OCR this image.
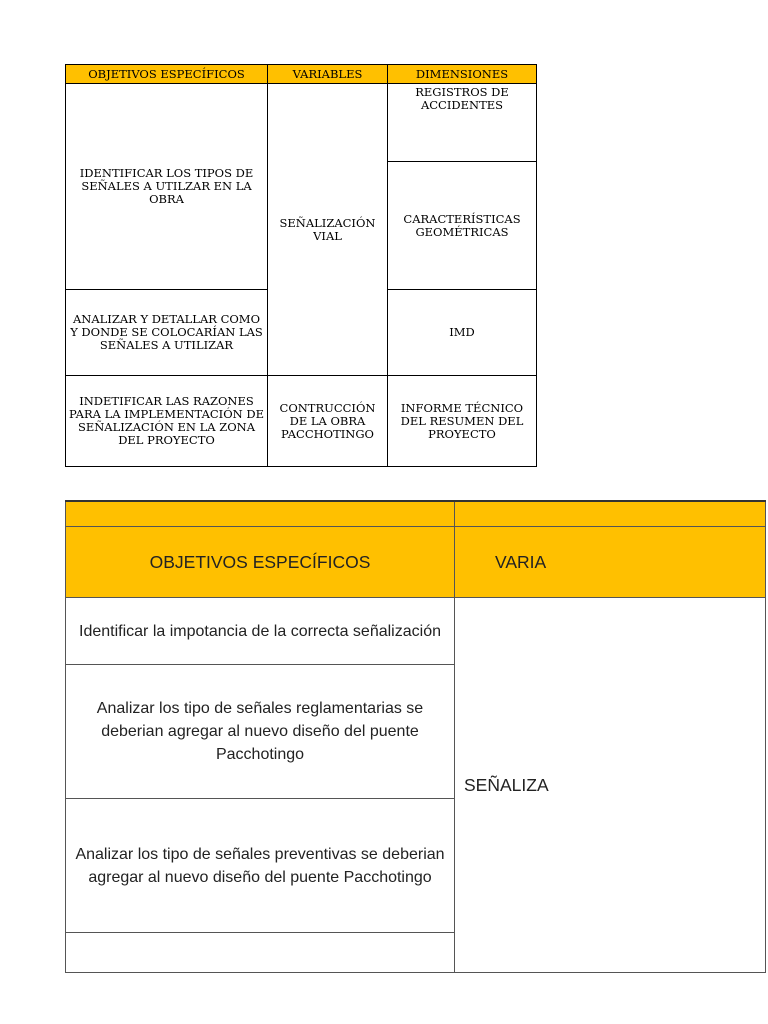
OBJETIVOS ESPECÍFICOS	VARIABLES	DIMENSIONES
IDENTIFICAR LOS TIPOS DE SEÑALES A UTILZAR EN LA OBRA	SEÑALIZACIÓN VIAL	REGISTROS DE ACCIDENTES
		CARACTERÍSTICAS GEOMÉTRICAS
ANALIZAR Y DETALLAR COMO Y DONDE SE COLOCARÍAN LAS SEÑALES A UTILIZAR		IMD
INDETIFICAR LAS RAZONES PARA LA IMPLEMENTACIÓN DE SEÑALIZACIÓN EN LA ZONA DEL PROYECTO	CONTRUCCIÓN DE LA OBRA PACCHOTINGO	INFORME TÉCNICO DEL RESUMEN DEL PROYECTO

OBJETIVOS ESPECÍFICOS	VARIA
Identificar la impotancia de la correcta señalización	SEÑALIZA
Analizar los tipo de señales reglamentarias se deberian agregar al nuevo diseño del puente Pacchotingo	
Analizar los tipo de señales preventivas se deberian agregar al nuevo diseño del puente Pacchotingo	
